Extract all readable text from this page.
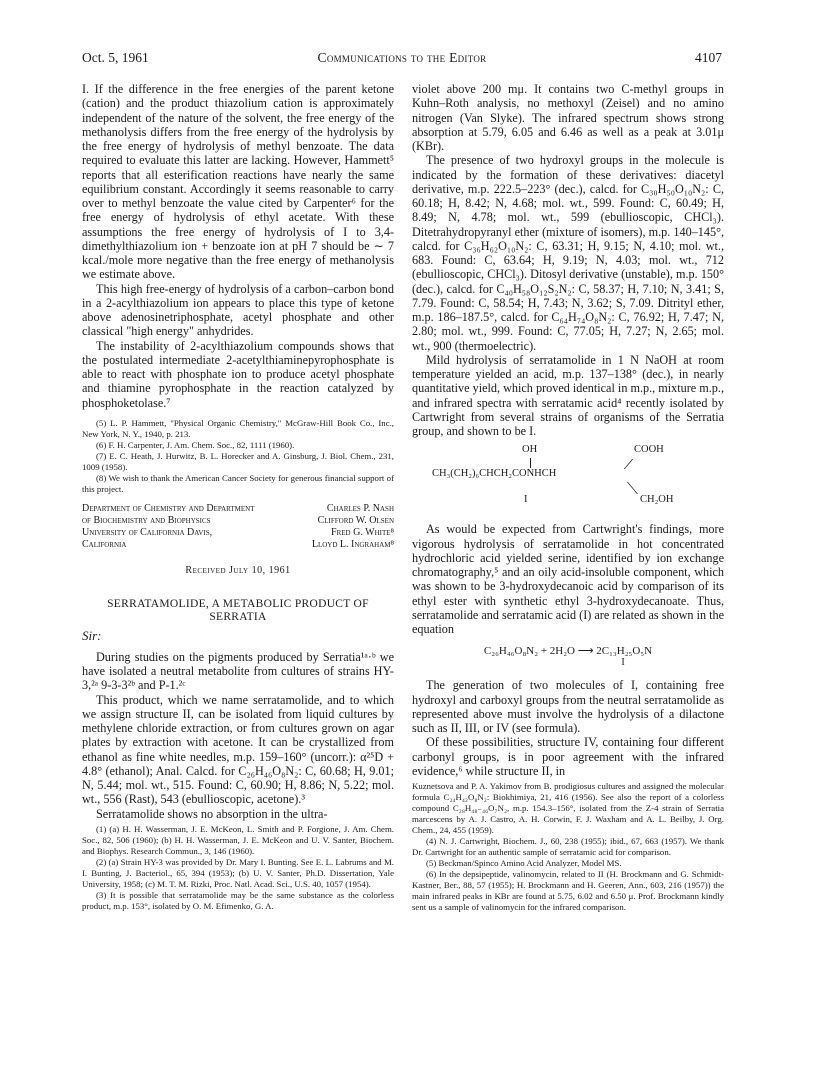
Oct. 5, 1961	Communications to the Editor	4107

I. If the difference in the free energies of the parent ketone (cation) and the product thiazolium cation is approximately independent of the nature of the solvent, the free energy of the methanolysis differs from the free energy of the hydrolysis by the free energy of hydrolysis of methyl benzoate. The data required to evaluate this latter are lacking. However, Hammett⁵ reports that all esterification reactions have nearly the same equilibrium constant. Accordingly it seems reasonable to carry over to methyl benzoate the value cited by Carpenter⁶ for the free energy of hydrolysis of ethyl acetate. With these assumptions the free energy of hydrolysis of I to 3,4-dimethylthiazolium ion + benzoate ion at pH 7 should be ∼ 7 kcal./mole more negative than the free energy of methanolysis we estimate above.

This high free-energy of hydrolysis of a carbon–carbon bond in a 2-acylthiazolium ion appears to place this type of ketone above adenosinetriphosphate, acetyl phosphate and other classical "high energy" anhydrides.

The instability of 2-acylthiazolium compounds shows that the postulated intermediate 2-acetylthiaminepyrophosphate is able to react with phosphate ion to produce acetyl phosphate and thiamine pyrophosphate in the reaction catalyzed by phosphoketolase.⁷

(5) L. P. Hammett, "Physical Organic Chemistry," McGraw-Hill Book Co., Inc., New York, N. Y., 1940, p. 213.

(6) F. H. Carpenter, J. Am. Chem. Soc., 82, 1111 (1960).

(7) E. C. Heath, J. Hurwitz, B. L. Horecker and A. Ginsburg, J. Biol. Chem., 231, 1009 (1958).

(8) We wish to thank the American Cancer Society for generous financial support of this project.

Department of Chemistry and Department of Biochemistry and Biophysics University of California Davis, California
Charles P. Nash
Clifford W. Olsen
Fred G. White⁸
Lloyd L. Ingraham⁸
Received July 10, 1961
SERRATAMOLIDE, A METABOLIC PRODUCT OF SERRATIA
Sir:

During studies on the pigments produced by Serratia¹ᵃ·ᵇ we have isolated a neutral metabolite from cultures of strains HY-3,²ᵃ 9-3-3²ᵇ and P-1.²ᶜ

This product, which we name serratamolide, and to which we assign structure II, can be isolated from liquid cultures by methylene chloride extraction, or from cultures grown on agar plates by extraction with acetone. It can be crystallized from ethanol as fine white needles, m.p. 159–160° (uncorr.): α²⁵D + 4.8° (ethanol); Anal. Calcd. for C₂₆H₄₆O₈N₂: C, 60.68; H, 9.01; N, 5.44; mol. wt., 515. Found: C, 60.90; H, 8.86; N, 5.22; mol. wt., 556 (Rast), 543 (ebullioscopic, acetone).³

Serratamolide shows no absorption in the ultra-

(1) (a) H. H. Wasserman, J. E. McKeon, L. Smith and P. Forgione, J. Am. Chem. Soc., 82, 506 (1960); (b) H. H. Wasserman, J. E. McKeon and U. V. Santer, Biochem. and Biophys. Research Commun., 3, 146 (1960).

(2) (a) Strain HY-3 was provided by Dr. Mary I. Bunting. See E. L. Labrums and M. I. Bunting, J. Bacteriol., 65, 394 (1953); (b) U. V. Santer, Ph.D. Dissertation, Yale University, 1958; (c) M. T. M. Rizki, Proc. Natl. Acad. Sci., U.S. 40, 1057 (1954).

(3) It is possible that serratamolide may be the same substance as the colorless product, m.p. 153°, isolated by O. M. Efimenko, G. A.

violet above 200 mμ. It contains two C-methyl groups in Kuhn–Roth analysis, no methoxyl (Zeisel) and no amino nitrogen (Van Slyke). The infrared spectrum shows strong absorption at 5.79, 6.05 and 6.46 as well as a peak at 3.01μ (KBr).

The presence of two hydroxyl groups in the molecule is indicated by the formation of these derivatives: diacetyl derivative, m.p. 222.5–223° (dec.), calcd. for C₃₀H₅₀O₁₀N₂: C, 60.18; H, 8.42; N, 4.68; mol. wt., 599. Found: C, 60.49; H, 8.49; N, 4.78; mol. wt., 599 (ebullioscopic, CHCl₃). Ditetrahydropyranyl ether (mixture of isomers), m.p. 140–145°, calcd. for C₃₆H₆₂O₁₀N₂: C, 63.31; H, 9.15; N, 4.10; mol. wt., 683. Found: C, 63.64; H, 9.19; N, 4.03; mol. wt., 712 (ebullioscopic, CHCl₃). Ditosyl derivative (unstable), m.p. 150° (dec.), calcd. for C₄₀H₅₈O₁₂S₂N₂: C, 58.37; H, 7.10; N, 3.41; S, 7.79. Found: C, 58.54; H, 7.43; N, 3.62; S, 7.09. Ditrityl ether, m.p. 186–187.5°, calcd. for C₆₄H₇₄O₈N₂: C, 76.92; H, 7.47; N, 2.80; mol. wt., 999. Found: C, 77.05; H, 7.27; N, 2.65; mol. wt., 900 (thermoelectric).

Mild hydrolysis of serratamolide in 1 N NaOH at room temperature yielded an acid, m.p. 137–138° (dec.), in nearly quantitative yield, which proved identical in m.p., mixture m.p., and infrared spectra with serratamic acid⁴ recently isolated by Cartwright from several strains of organisms of the Serratia group, and shown to be I.

OH	COOH
CH₃(CH₂)₆CHCH₂CONHCH
I	CH₂OH

As would be expected from Cartwright's findings, more vigorous hydrolysis of serratamolide in hot concentrated hydrochloric acid yielded serine, identified by ion exchange chromatography,⁵ and an oily acid-insoluble component, which was shown to be 3-hydroxydecanoic acid by comparison of its ethyl ester with synthetic ethyl 3-hydroxydecanoate. Thus, serratamolide and serratamic acid (I) are related as shown in the equation

C₂₆H₄₆O₈N₂ + 2H₂O ⟶ 2C₁₃H₂₅O₅N
I

The generation of two molecules of I, containing free hydroxyl and carboxyl groups from the neutral serratamolide as represented above must involve the hydrolysis of a dilactone such as II, III, or IV (see formula).

Of these possibilities, structure IV, containing four different carbonyl groups, is in poor agreement with the infrared evidence,⁶ while structure II, in

Kuznetsova and P. A. Yakimov from B. prodigiosus cultures and assigned the molecular formula C₂₄H₄₂O₈N₂: Biokhimiya, 21, 416 (1956). See also the report of a colorless compound C₂₈H₄₈₋₄₆O₇N₂, m.p. 154.3–156°, isolated from the Z-4 strain of Serratia marcescens by A. J. Castro, A. H. Corwin, F. J. Waxham and A. L. Beilby, J. Org. Chem., 24, 455 (1959).

(4) N. J. Cartwright, Biochem. J., 60, 238 (1955); ibid., 67, 663 (1957). We thank Dr. Cartwright for an authentic sample of serratamic acid for comparison.

(5) Beckman/Spinco Amino Acid Analyzer, Model MS.

(6) In the depsipeptide, valinomycin, related to II (H. Brockmann and G. Schmidt-Kastner, Ber., 88, 57 (1955); H. Brockmann and H. Geeren, Ann., 603, 216 (1957)) the main infrared peaks in KBr are found at 5.75, 6.02 and 6.50 μ. Prof. Brockmann kindly sent us a sample of valinomycin for the infrared comparison.
